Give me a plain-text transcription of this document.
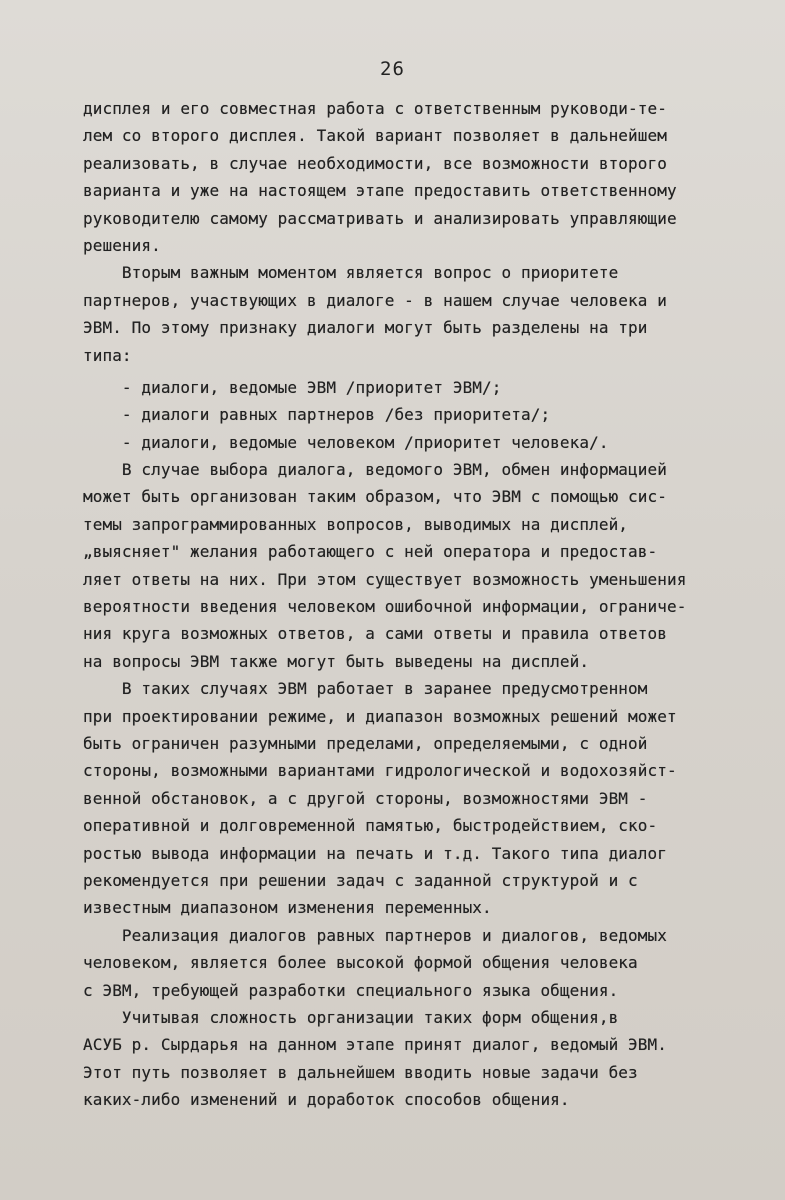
26
дисплея и его совместная работа с ответственным руководи-те-
лем со второго дисплея. Такой вариант позволяет в дальнейшем
реализовать, в случае необходимости, все возможности второго
варианта и уже на настоящем этапе предоставить ответственному
руководителю самому рассматривать и анализировать управляющие
решения.
Вторым важным моментом является вопрос о приоритете
партнеров, участвующих в диалоге - в нашем случае человека и
ЭВМ. По этому признаку диалоги могут быть разделены на три
типа:
- диалоги, ведомые ЭВМ /приоритет ЭВМ/;
- диалоги равных партнеров /без приоритета/;
- диалоги, ведомые человеком /приоритет человека/.
В случае выбора диалога, ведомого ЭВМ, обмен информацией
может быть организован таким образом, что ЭВМ с помощью сис-
темы запрограммированных вопросов, выводимых на дисплей,
„выясняет" желания работающего с ней оператора и предостав-
ляет ответы на них. При этом существует возможность уменьшения
вероятности введения человеком ошибочной информации, ограниче-
ния круга возможных ответов, а сами ответы и правила ответов
на вопросы ЭВМ также могут быть выведены на дисплей.
В таких случаях ЭВМ работает в заранее предусмотренном
при проектировании режиме, и диапазон возможных решений может
быть ограничен разумными пределами, определяемыми, с одной
стороны, возможными вариантами гидрологической и водохозяйст-
венной обстановок, а с другой стороны, возможностями ЭВМ -
оперативной и долговременной памятью, быстродействием, ско-
ростью вывода информации на печать и т.д. Такого типа диалог
рекомендуется при решении задач с заданной структурой и с
известным диапазоном изменения переменных.
Реализация диалогов равных партнеров и диалогов, ведомых
человеком, является более высокой формой общения человека
с ЭВМ, требующей разработки специального языка общения.
Учитывая сложность организации таких форм общения,в
АСУБ р. Сырдарья на данном этапе принят диалог, ведомый ЭВМ.
Этот путь позволяет в дальнейшем вводить новые задачи без
каких-либо изменений и доработок способов общения.
